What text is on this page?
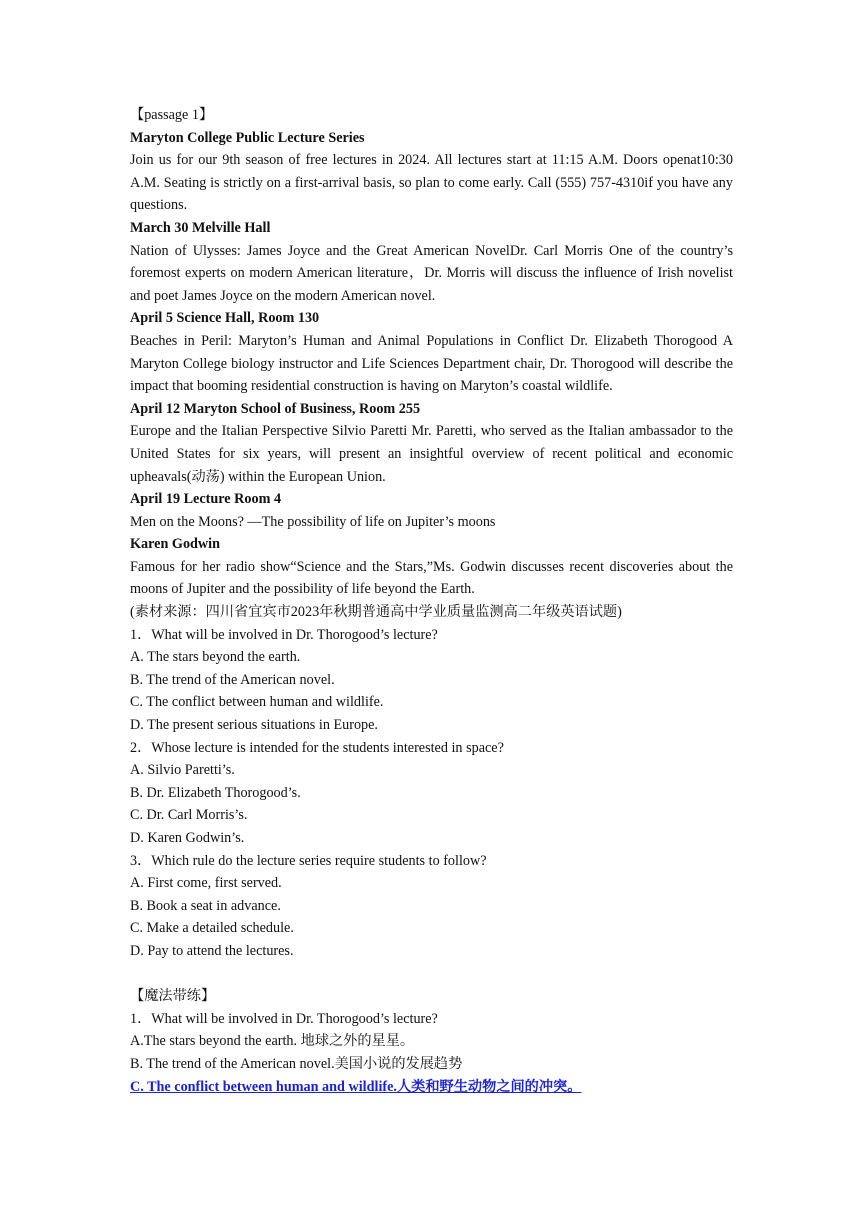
【passage 1】
Maryton College Public Lecture Series
Join us for our 9th season of free lectures in 2024. All lectures start at 11:15 A.M. Doors openat10:30 A.M. Seating is strictly on a first-arrival basis, so plan to come early. Call (555) 757-4310if you have any questions.
March 30 Melville Hall
Nation of Ulysses: James Joyce and the Great American NovelDr. Carl Morris One of the country’s foremost experts on modern American literature，Dr. Morris will discuss the influence of Irish novelist and poet James Joyce on the modern American novel.
April 5 Science Hall, Room 130
Beaches in Peril: Maryton’s Human and Animal Populations in Conflict Dr. Elizabeth Thorogood A Maryton College biology instructor and Life Sciences Department chair, Dr. Thorogood will describe the impact that booming residential construction is having on Maryton’s coastal wildlife.
April 12 Maryton School of Business, Room 255
Europe and the Italian Perspective Silvio Paretti Mr. Paretti, who served as the Italian ambassador to the United States for six years, will present an insightful overview of recent political and economic upheavals(动荡) within the European Union.
April 19 Lecture Room 4
Men on the Moons? —The possibility of life on Jupiter’s moons
Karen Godwin
Famous for her radio show“Science and the Stars,”Ms. Godwin discusses recent discoveries about the moons of Jupiter and the possibility of life beyond the Earth.
(素材来源：四川省宜宾市2023年秋期普通高中学业质量监测高二年级英语试题)
1．What will be involved in Dr. Thorogood’s lecture?
A. The stars beyond the earth.
B. The trend of the American novel.
C. The conflict between human and wildlife.
D. The present serious situations in Europe.
2．Whose lecture is intended for the students interested in space?
A. Silvio Paretti’s.
B. Dr. Elizabeth Thorogood’s.
C. Dr. Carl Morris’s.
D. Karen Godwin’s.
3．Which rule do the lecture series require students to follow?
A. First come, first served.
B. Book a seat in advance.
C. Make a detailed schedule.
D. Pay to attend the lectures.
【魔法带练】
1．What will be involved in Dr. Thorogood’s lecture?
A.The stars beyond the earth. 地球之外的星星。
B. The trend of the American novel.美国小说的发展趋势
C. The conflict between human and wildlife.人类和野生动物之间的冲突。
